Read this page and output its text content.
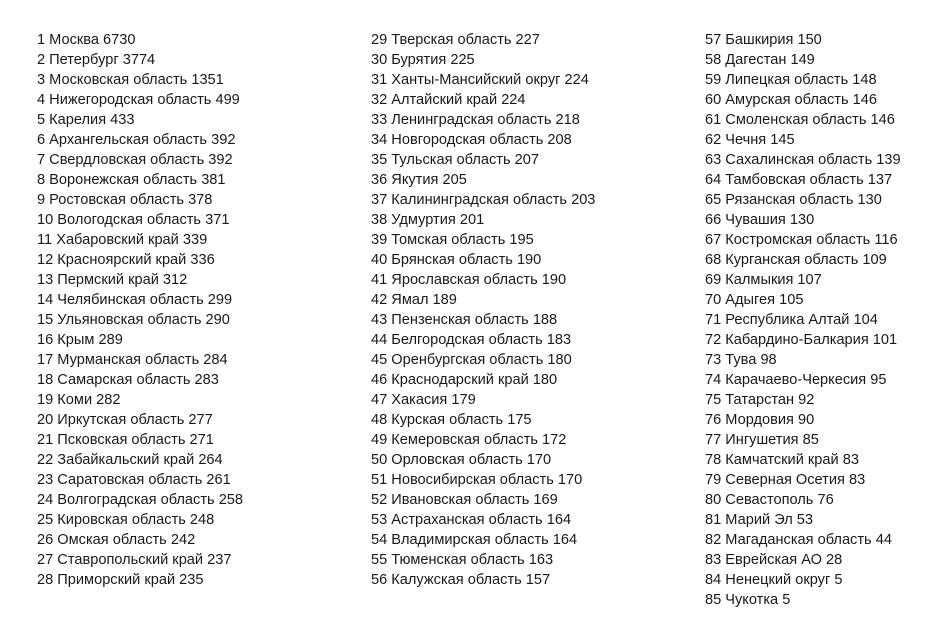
1 Москва 6730
2 Петербург 3774
3 Московская область 1351
4 Нижегородская область 499
5 Карелия 433
6 Архангельская область 392
7 Свердловская область 392
8 Воронежская область 381
9 Ростовская область 378
10 Вологодская область 371
11 Хабаровский край 339
12 Красноярский край 336
13 Пермский край 312
14 Челябинская область 299
15 Ульяновская область 290
16 Крым 289
17 Мурманская область 284
18 Самарская область 283
19 Коми 282
20 Иркутская область 277
21 Псковская область 271
22 Забайкальский край 264
23 Саратовская область 261
24 Волгоградская область 258
25 Кировская область 248
26 Омская область 242
27 Ставропольский край 237
28 Приморский край 235
29 Тверская область 227
30 Бурятия 225
31 Ханты-Мансийский округ 224
32 Алтайский край 224
33 Ленинградская область 218
34 Новгородская область 208
35 Тульская область 207
36 Якутия 205
37 Калининградская область 203
38 Удмуртия 201
39 Томская область 195
40 Брянская область 190
41 Ярославская область 190
42 Ямал 189
43 Пензенская область 188
44 Белгородская область 183
45 Оренбургская область 180
46 Краснодарский край 180
47 Хакасия 179
48 Курская область 175
49 Кемеровская область 172
50 Орловская область 170
51 Новосибирская область 170
52 Ивановская область 169
53 Астраханская область 164
54 Владимирская область 164
55 Тюменская область 163
56 Калужская область 157
57 Башкирия 150
58 Дагестан 149
59 Липецкая область 148
60 Амурская область 146
61 Смоленская область 146
62 Чечня 145
63 Сахалинская область 139
64 Тамбовская область 137
65 Рязанская область 130
66 Чувашия 130
67 Костромская область 116
68 Курганская область 109
69 Калмыкия 107
70 Адыгея 105
71 Республика Алтай 104
72 Кабардино-Балкария 101
73 Тува 98
74 Карачаево-Черкесия 95
75 Татарстан 92
76 Мордовия 90
77 Ингушетия 85
78 Камчатский край 83
79 Северная Осетия 83
80 Севастополь 76
81 Марий Эл 53
82 Магаданская область 44
83 Еврейская АО 28
84 Ненецкий округ 5
85 Чукотка 5
